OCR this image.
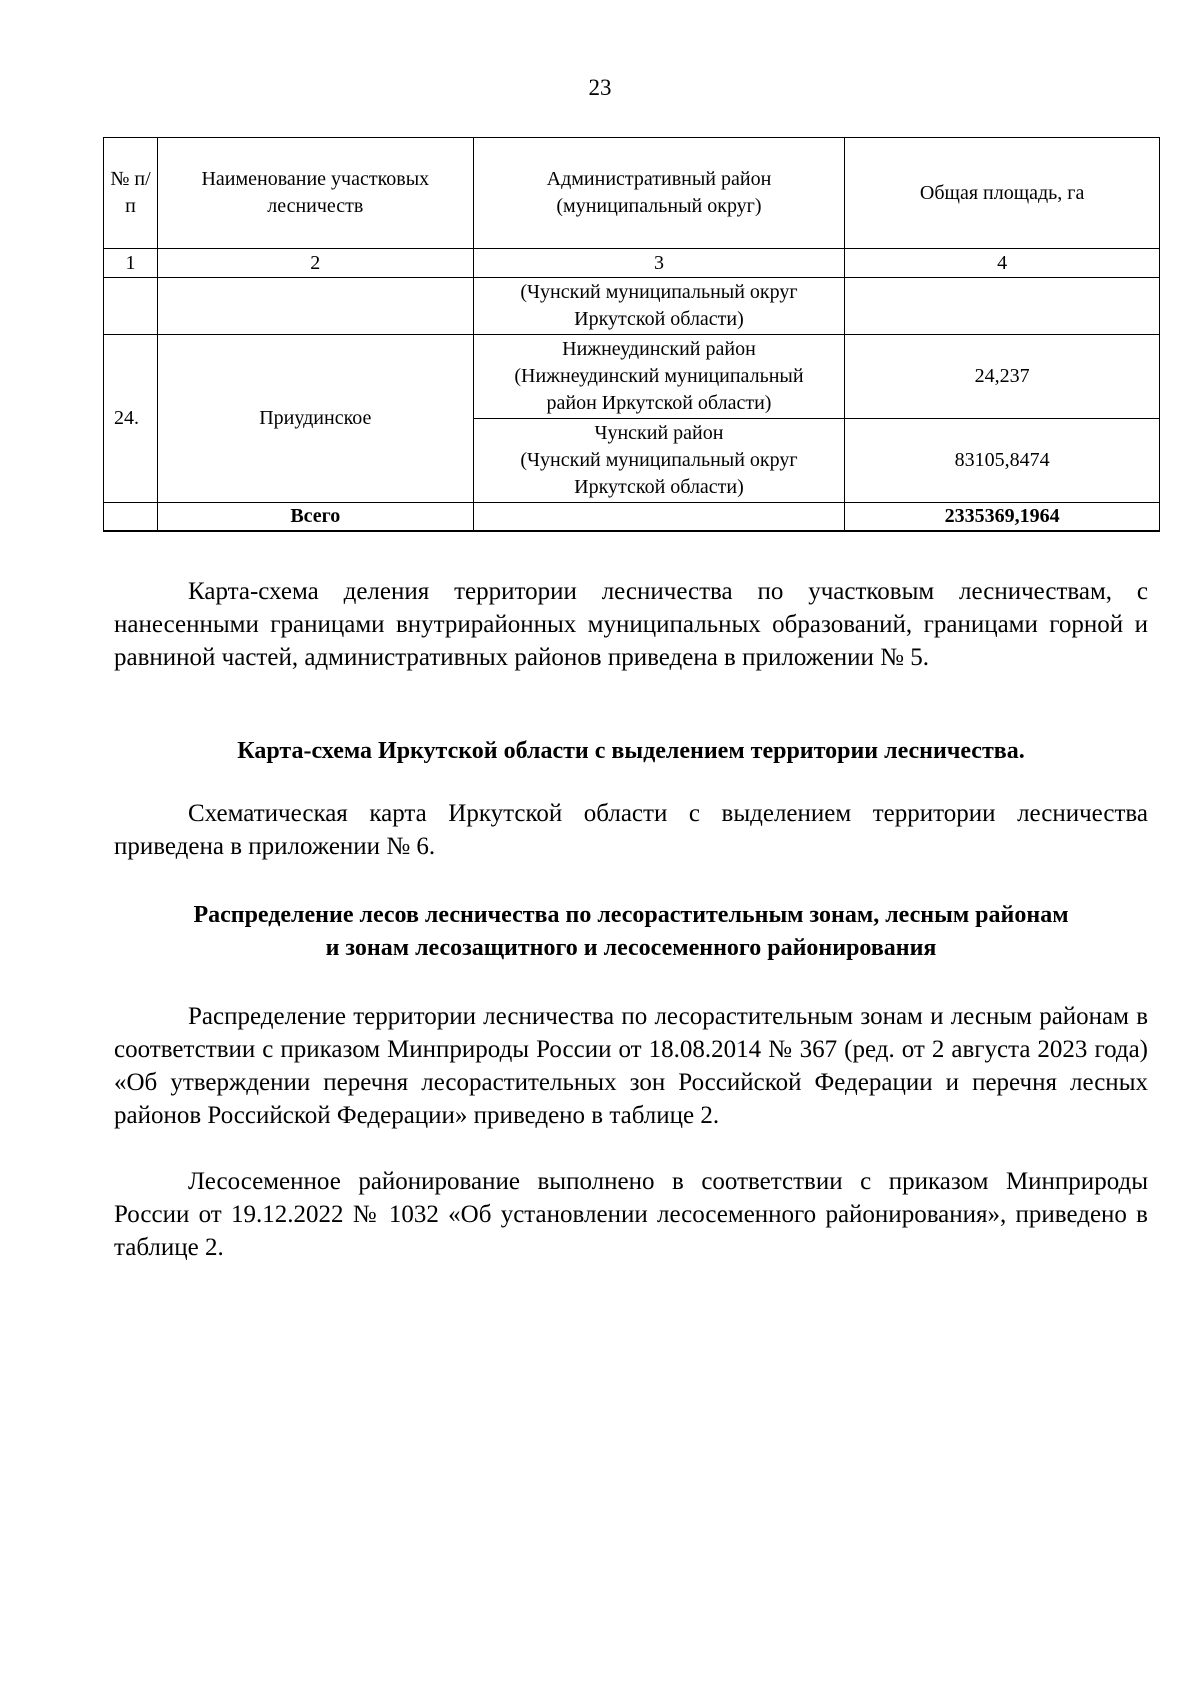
23
№ п/п	Наименование участковых лесничеств	Административный район (муниципальный округ)	Общая площадь, га
1	2	3	4

		(Чунский муниципальный округ
Иркутской области)	

24.	Приудинское	Нижнеудинский район
(Нижнеудинский муниципальный
район Иркутской области)	24,237

		Чунский район
(Чунский муниципальный округ
Иркутской области)	83105,8474
	Всего		2335369,1964

Карта-схема деления территории лесничества по участковым лесничествам, с нанесенными границами внутрирайонных муниципальных образований, границами горной и равниной частей, административных районов приведена в приложении № 5.

Карта-схема Иркутской области с выделением территории лесничества.

Схематическая карта Иркутской области с выделением территории лесничества приведена в приложении № 6.

Распределение лесов лесничества по лесорастительным зонам, лесным районам
и зонам лесозащитного и лесосеменного районирования

Распределение территории лесничества по лесорастительным зонам и лесным районам в соответствии с приказом Минприроды России от 18.08.2014 № 367 (ред. от 2 августа 2023 года) «Об утверждении перечня лесорастительных зон Российской Федерации и перечня лесных районов Российской Федерации» приведено в таблице 2.

Лесосеменное районирование выполнено в соответствии с приказом Минприроды России от 19.12.2022 № 1032 «Об установлении лесосеменного районирования», приведено в таблице 2.
